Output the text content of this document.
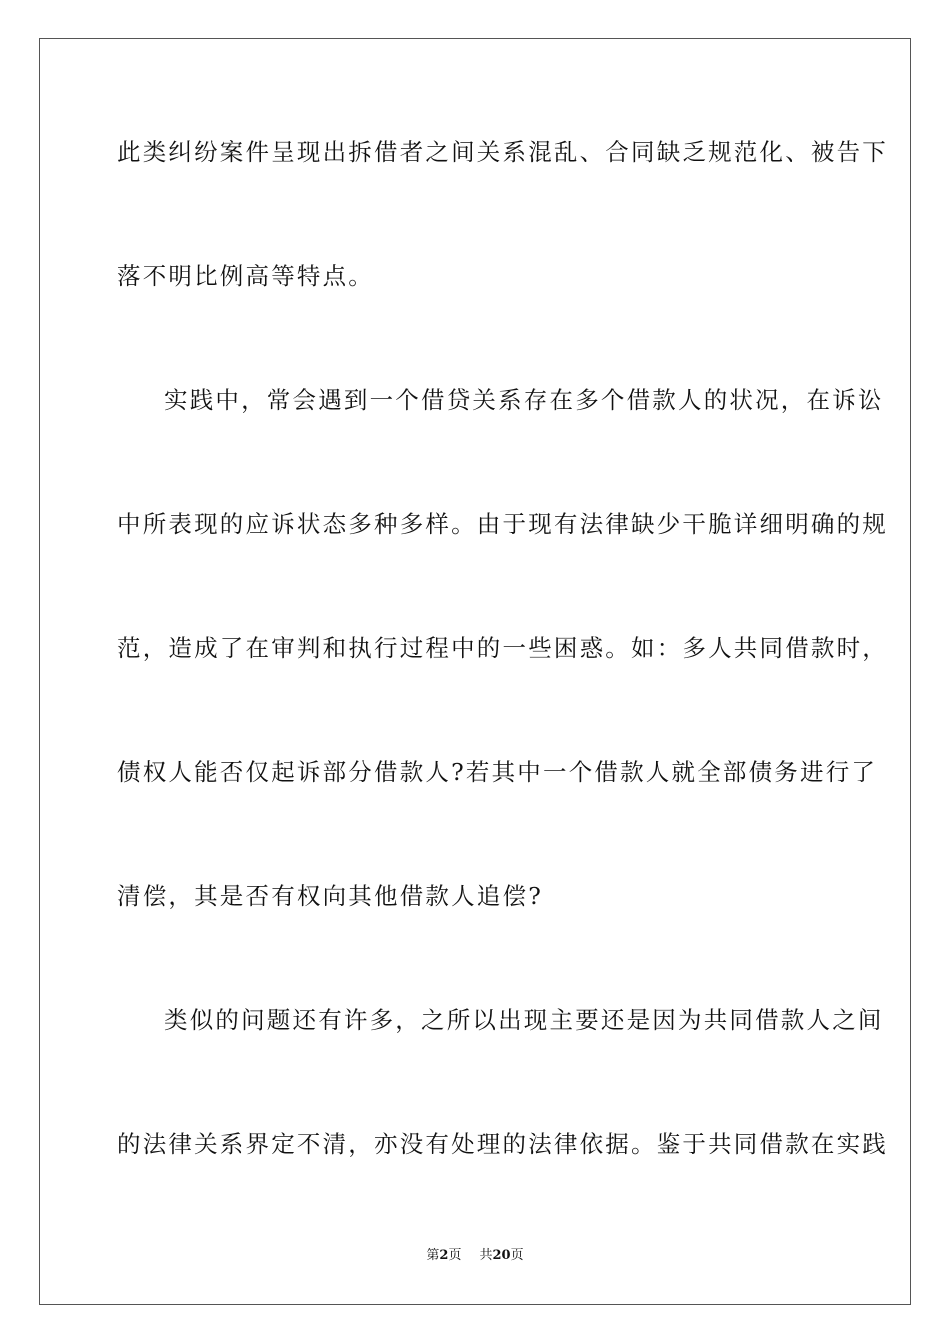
此类纠纷案件呈现出拆借者之间关系混乱、合同缺乏规范化、被告下
落不明比例高等特点。
实践中，常会遇到一个借贷关系存在多个借款人的状况，在诉讼
中所表现的应诉状态多种多样。由于现有法律缺少干脆详细明确的规
范，造成了在审判和执行过程中的一些困惑。如：多人共同借款时，
债权人能否仅起诉部分借款人?若其中一个借款人就全部债务进行了
清偿，其是否有权向其他借款人追偿?
类似的问题还有许多，之所以出现主要还是因为共同借款人之间
的法律关系界定不清，亦没有处理的法律依据。鉴于共同借款在实践
第2页 共20页
